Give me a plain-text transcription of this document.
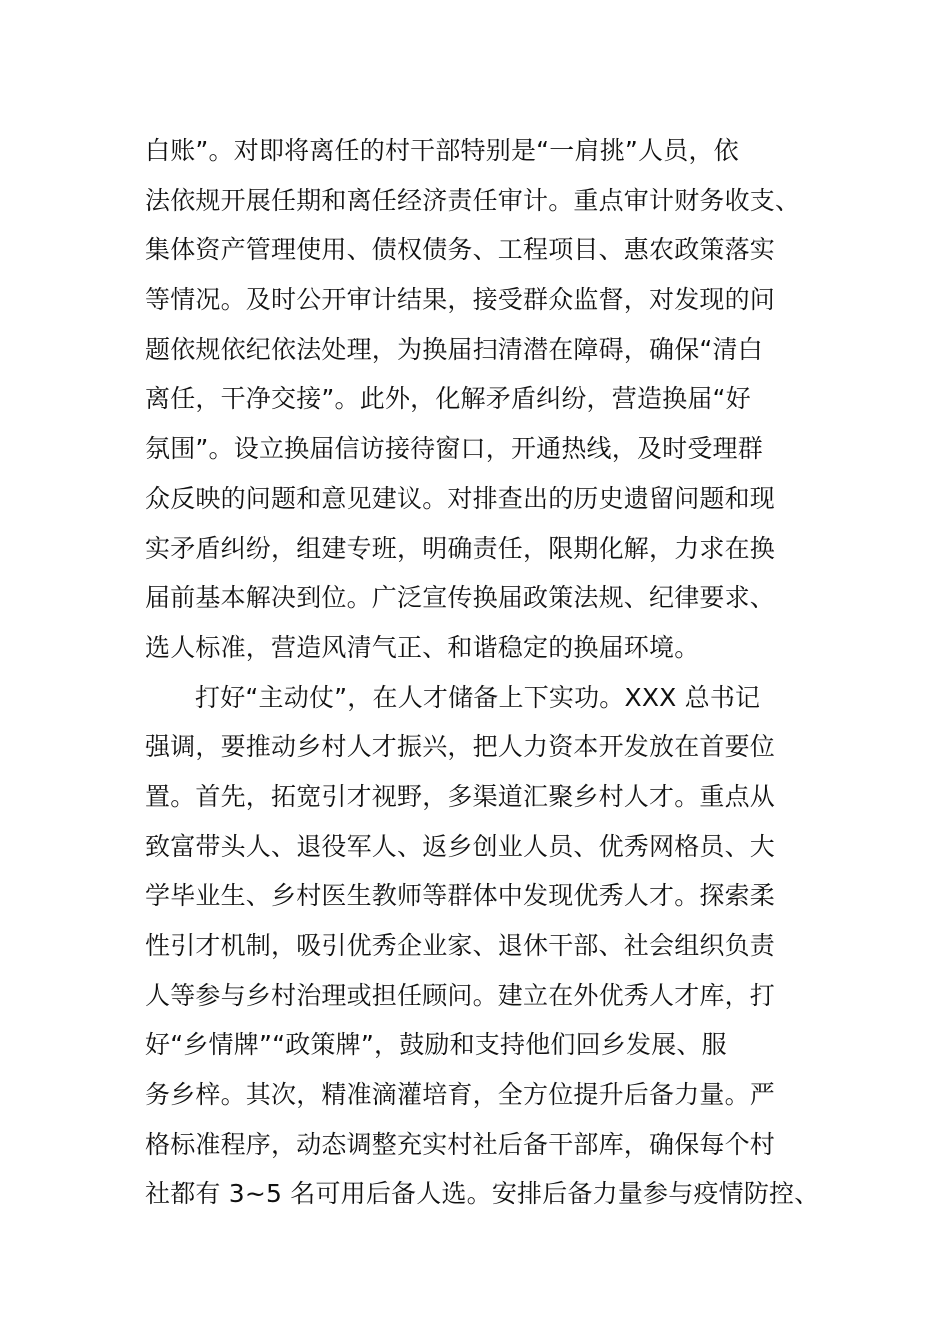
白账”。对即将离任的村干部特别是“一肩挑”人员，依
法依规开展任期和离任经济责任审计。重点审计财务收支、
集体资产管理使用、债权债务、工程项目、惠农政策落实
等情况。及时公开审计结果，接受群众监督，对发现的问
题依规依纪依法处理，为换届扫清潜在障碍，确保“清白
离任，干净交接”。此外，化解矛盾纠纷，营造换届“好
氛围”。设立换届信访接待窗口，开通热线，及时受理群
众反映的问题和意见建议。对排查出的历史遗留问题和现
实矛盾纠纷，组建专班，明确责任，限期化解，力求在换
届前基本解决到位。广泛宣传换届政策法规、纪律要求、
选人标准，营造风清气正、和谐稳定的换届环境。
打好“主动仗”，在人才储备上下实功。XXX 总书记
强调，要推动乡村人才振兴，把人力资本开发放在首要位
置。首先，拓宽引才视野，多渠道汇聚乡村人才。重点从
致富带头人、退役军人、返乡创业人员、优秀网格员、大
学毕业生、乡村医生教师等群体中发现优秀人才。探索柔
性引才机制，吸引优秀企业家、退休干部、社会组织负责
人等参与乡村治理或担任顾问。建立在外优秀人才库，打
好“乡情牌”“政策牌”，鼓励和支持他们回乡发展、服
务乡梓。其次，精准滴灌培育，全方位提升后备力量。严
格标准程序，动态调整充实村社后备干部库，确保每个村
社都有 3~5 名可用后备人选。安排后备力量参与疫情防控、
